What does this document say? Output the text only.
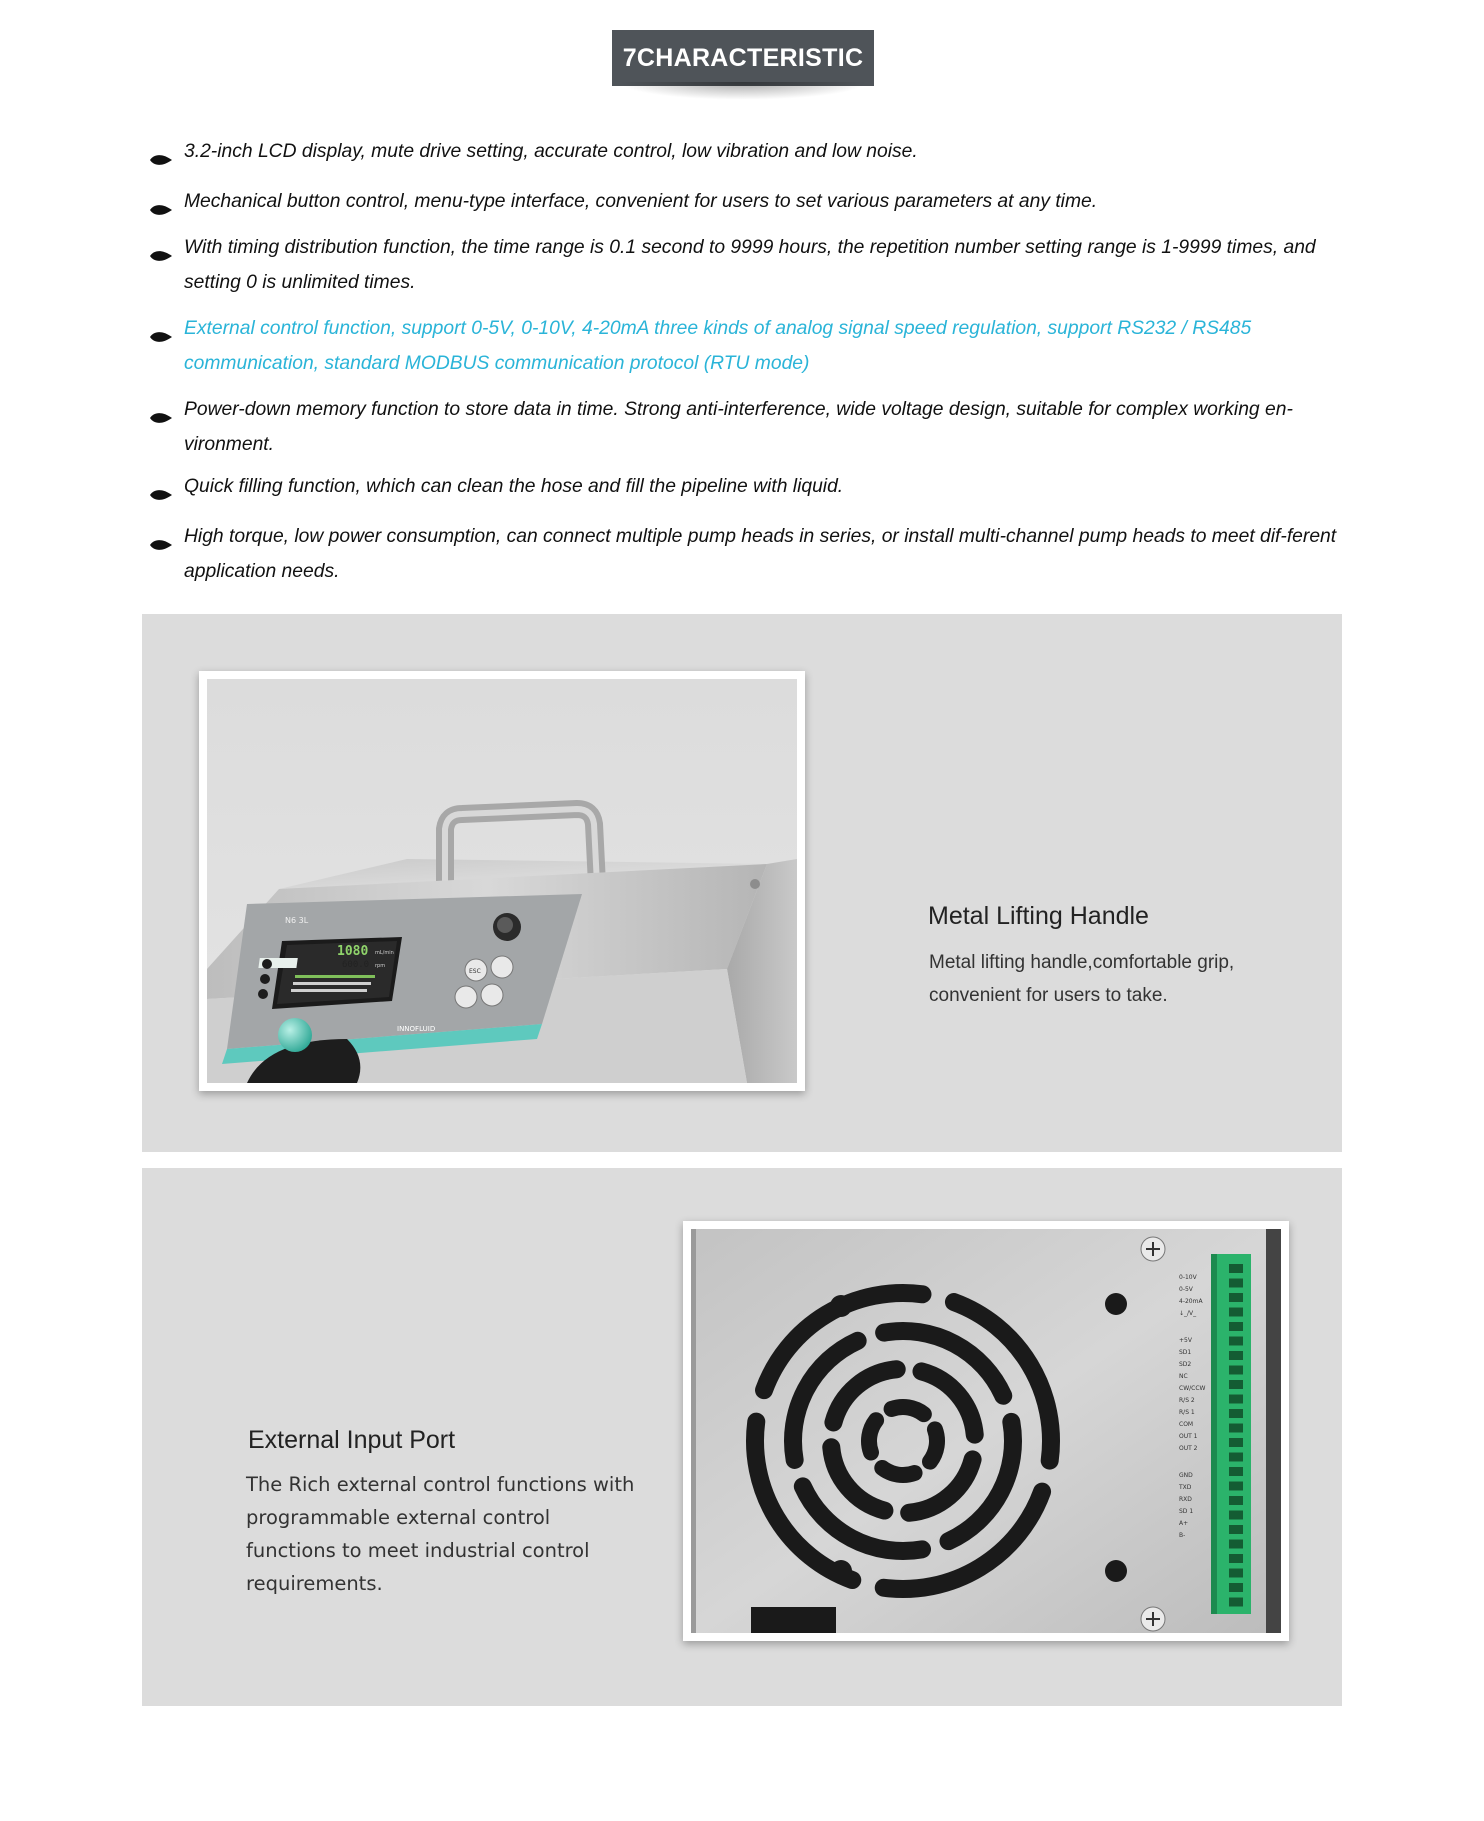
7CHARACTERISTIC
3.2-inch LCD display, mute drive setting, accurate control, low vibration and low noise.
Mechanical button control, menu-type interface, convenient for users to set various parameters at any time.
With timing distribution function, the time range is 0.1 second to 9999 hours, the repetition number setting range is 1-9999 times, and setting 0 is unlimited times.
External control function, support 0-5V, 0-10V, 4-20mA three kinds of analog signal speed regulation, support RS232 / RS485 communication, standard MODBUS communication protocol (RTU mode)
Power-down memory function to store data in time. Strong anti-interference, wide voltage design, suitable for complex working en-vironment.
Quick filling function, which can clean the hose and fill the pipeline with liquid.
High torque, low power consumption, can connect multiple pump heads in series, or install multi-channel pump heads to meet dif-ferent application needs.
1080 mL/min
600.0 rpm
N6 3L
ESC
INNOFLUID
Metal Lifting Handle
Metal lifting handle,comfortable grip, convenient for users to take.
External Input Port
The Rich external control functions with programmable external control functions to meet industrial control requirements.
0-10V
0-5V
4-20mA
↓_/V_
+5V
SD1
SD2
NC
CW/CCW
R/S 2
R/S 1
COM
OUT 1
OUT 2
GND
TXD
RXD
SD 1
A+
B-
